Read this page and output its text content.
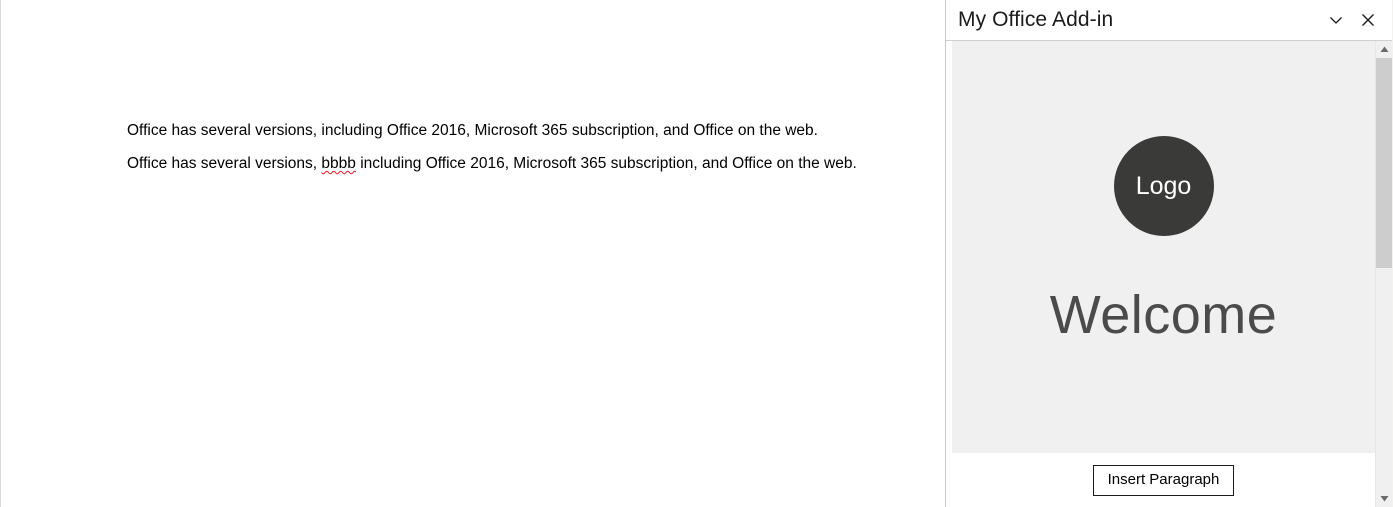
Office has several versions, including Office 2016, Microsoft 365 subscription, and Office on the web.

Office has several versions, bbbb including Office 2016, Microsoft 365 subscription, and Office on the web.

My Office Add-in
Logo
Welcome
Insert Paragraph
